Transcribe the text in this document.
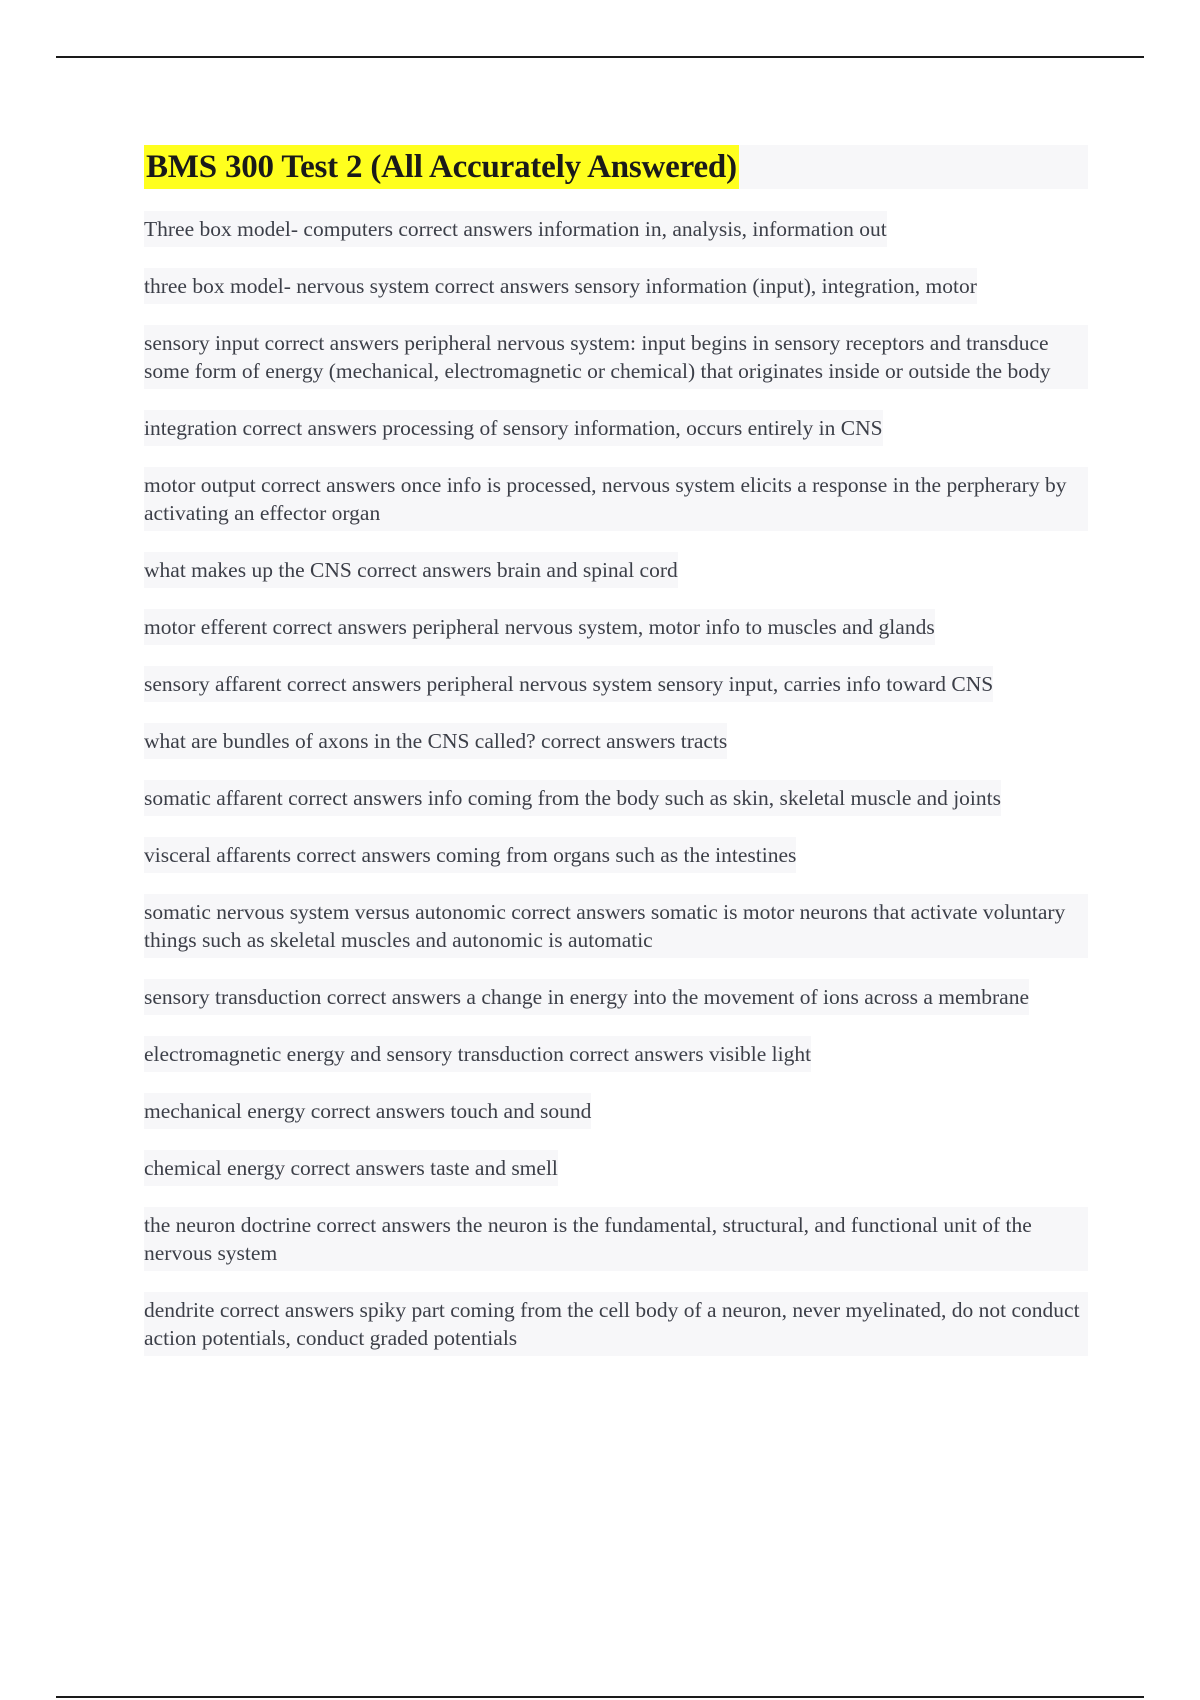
BMS 300 Test 2 (All Accurately Answered)
Three box model- computers correct answers information in, analysis, information out
three box model- nervous system correct answers sensory information (input), integration, motor
sensory input correct answers peripheral nervous system: input begins in sensory receptors and transduce some form of energy (mechanical, electromagnetic or chemical) that originates inside or outside the body
integration correct answers processing of sensory information, occurs entirely in CNS
motor output correct answers once info is processed, nervous system elicits a response in the perpherary by activating an effector organ
what makes up the CNS correct answers brain and spinal cord
motor efferent correct answers peripheral nervous system, motor info to muscles and glands
sensory affarent correct answers peripheral nervous system sensory input, carries info toward CNS
what are bundles of axons in the CNS called? correct answers tracts
somatic affarent correct answers info coming from the body such as skin, skeletal muscle and joints
visceral affarents correct answers coming from organs such as the intestines
somatic nervous system versus autonomic correct answers somatic is motor neurons that activate voluntary things such as skeletal muscles and autonomic is automatic
sensory transduction correct answers a change in energy into the movement of ions across a membrane
electromagnetic energy and sensory transduction correct answers visible light
mechanical energy correct answers touch and sound
chemical energy correct answers taste and smell
the neuron doctrine correct answers the neuron is the fundamental, structural, and functional unit of the nervous system
dendrite correct answers spiky part coming from the cell body of a neuron, never myelinated, do not conduct action potentials, conduct graded potentials
